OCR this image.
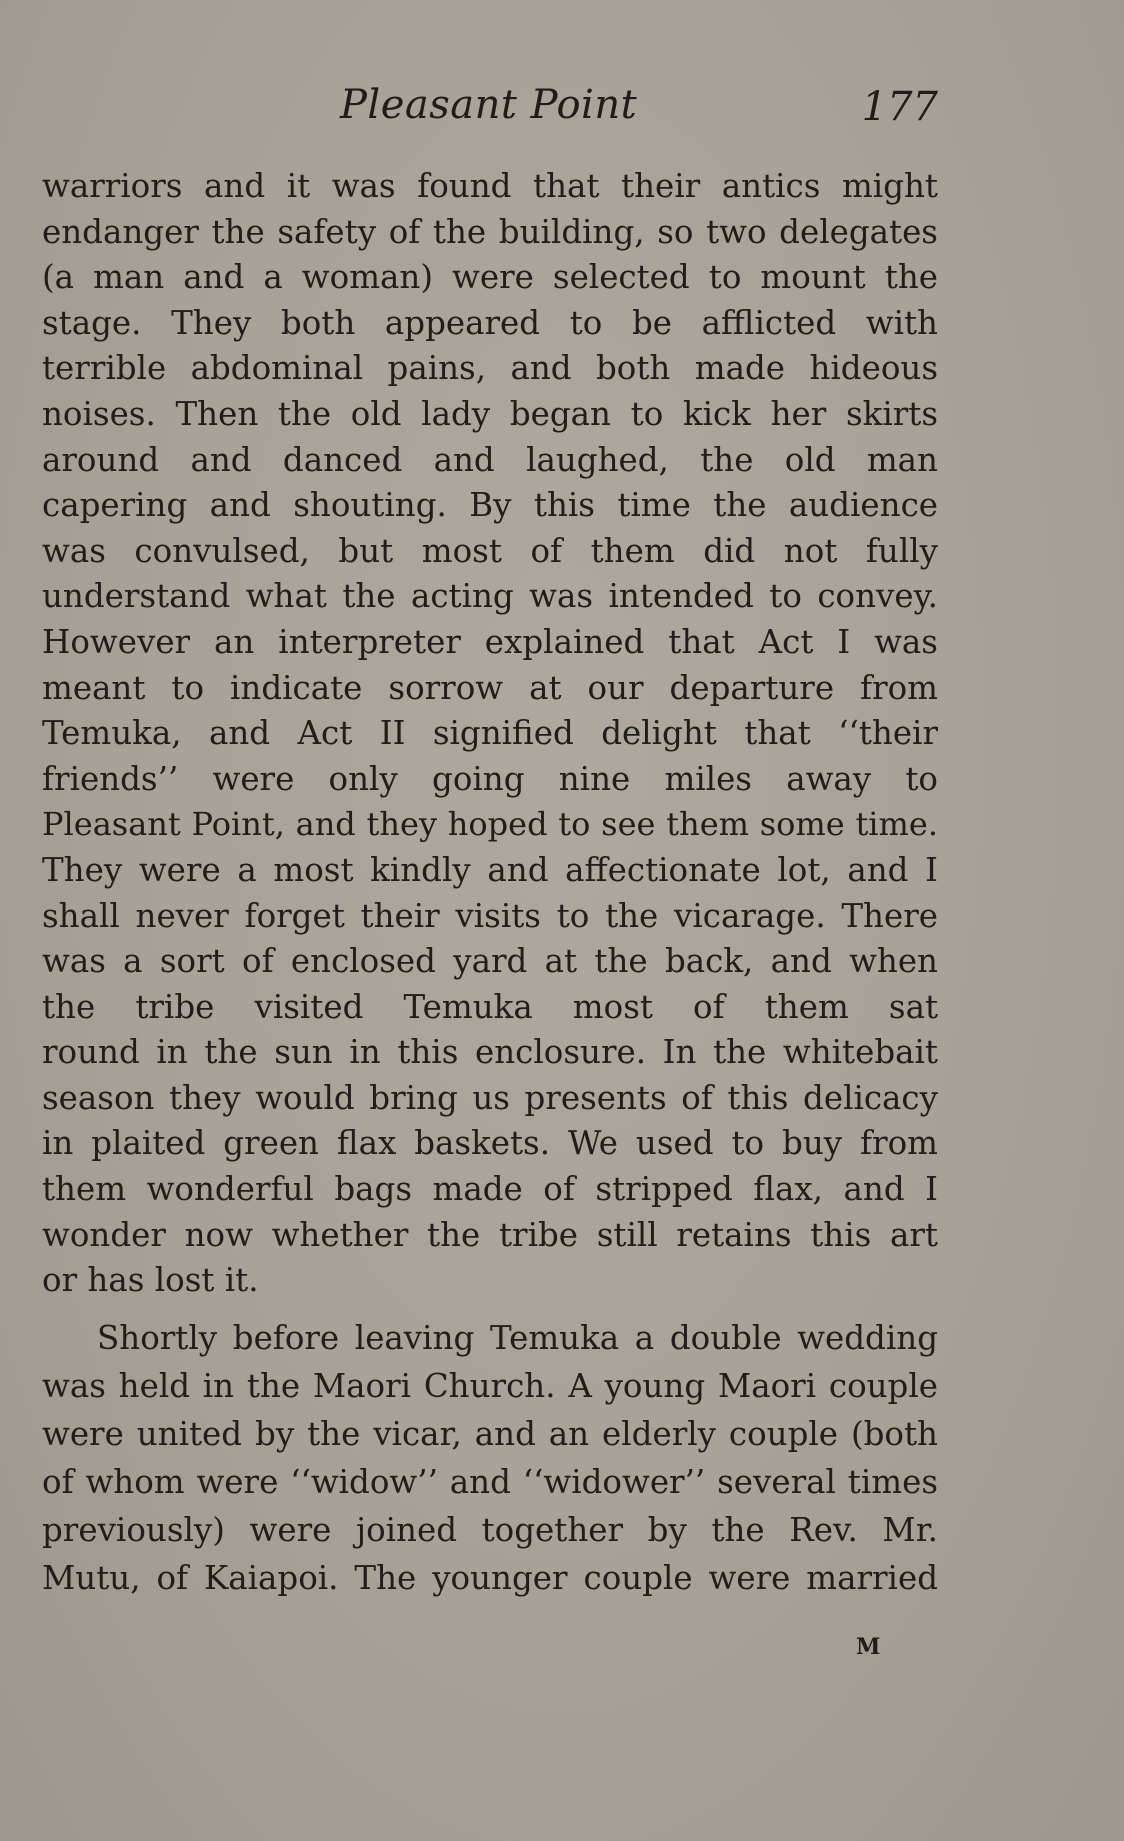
Pleasant Point	177

warriors and it was found that their antics might
endanger the safety of the building, so two delegates
(a man and a woman) were selected to mount the
stage. They both appeared to be afflicted with
terrible abdominal pains, and both made hideous
noises. Then the old lady began to kick her skirts
around and danced and laughed, the old man
capering and shouting. By this time the audience
was convulsed, but most of them did not fully
understand what the acting was intended to convey.
However an interpreter explained that Act I was
meant to indicate sorrow at our departure from
Temuka, and Act II signified delight that ‘‘their
friends’’ were only going nine miles away to
Pleasant Point, and they hoped to see them some time.
They were a most kindly and affectionate lot, and I
shall never forget their visits to the vicarage. There
was a sort of enclosed yard at the back, and when
the tribe visited Temuka most of them sat
round in the sun in this enclosure. In the whitebait
season they would bring us presents of this delicacy
in plaited green flax baskets. We used to buy from
them wonderful bags made of stripped flax, and I
wonder now whether the tribe still retains this art
or has lost it.

Shortly before leaving Temuka a double wedding
was held in the Maori Church. A young Maori couple
were united by the vicar, and an elderly couple (both
of whom were ‘‘widow’’ and ‘‘widower’’ several times
previously) were joined together by the Rev. Mr.
Mutu, of Kaiapoi. The younger couple were married

M
